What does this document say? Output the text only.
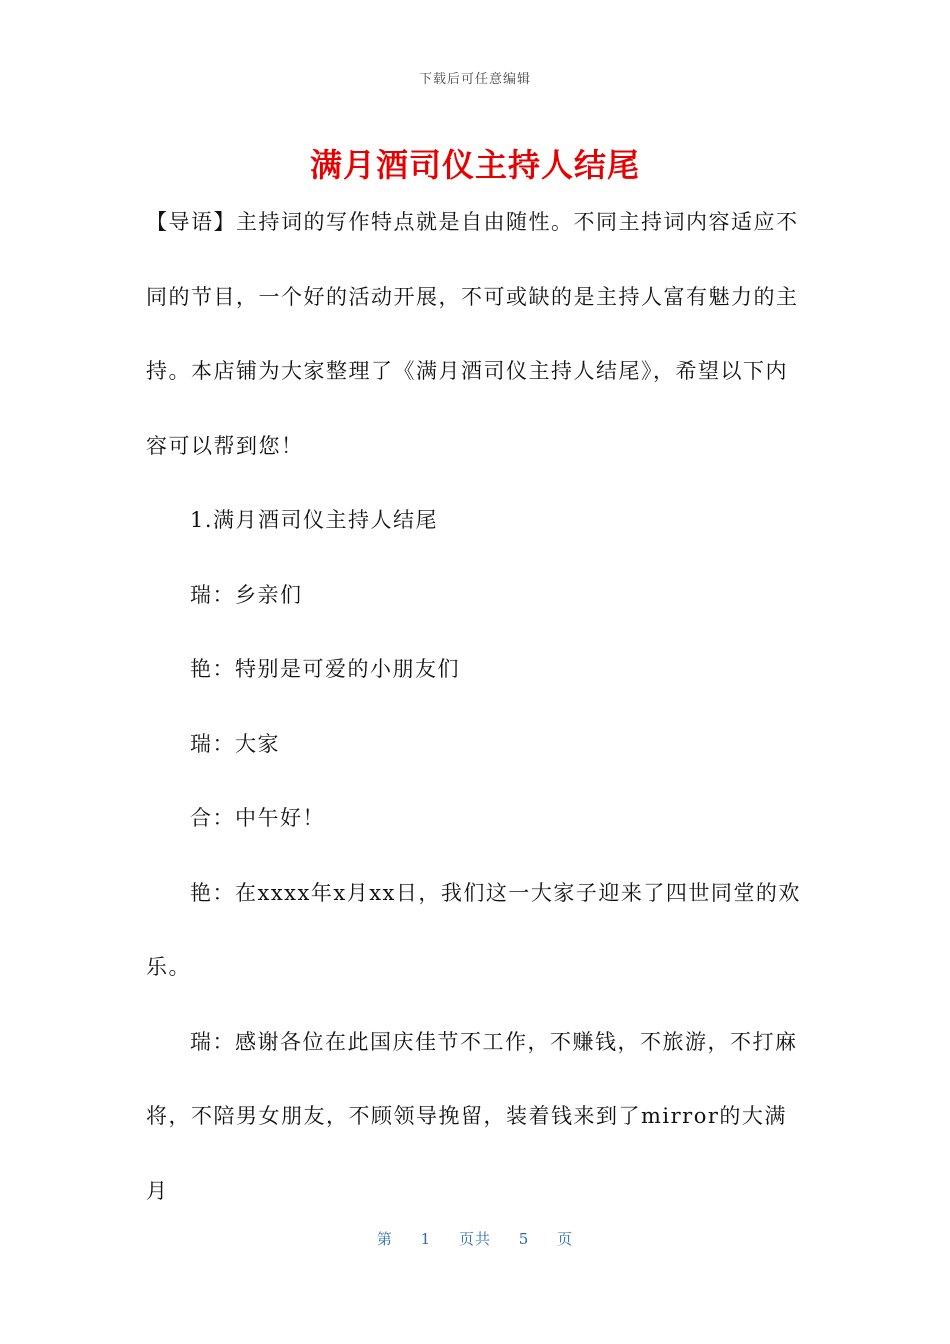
下载后可任意编辑
满月酒司仪主持人结尾

【导语】主持词的写作特点就是自由随性。不同主持词内容适应不同的节目，一个好的活动开展，不可或缺的是主持人富有魅力的主持。本店铺为大家整理了《满月酒司仪主持人结尾》，希望以下内容可以帮到您！

1.满月酒司仪主持人结尾

瑞：乡亲们

艳：特别是可爱的小朋友们

瑞：大家

合：中午好！

艳：在xxxx年x月xx日，我们这一大家子迎来了四世同堂的欢乐。

瑞：感谢各位在此国庆佳节不工作，不赚钱，不旅游，不打麻将，不陪男女朋友，不顾领导挽留，装着钱来到了mirror的大满月

第 1 页共 5 页
